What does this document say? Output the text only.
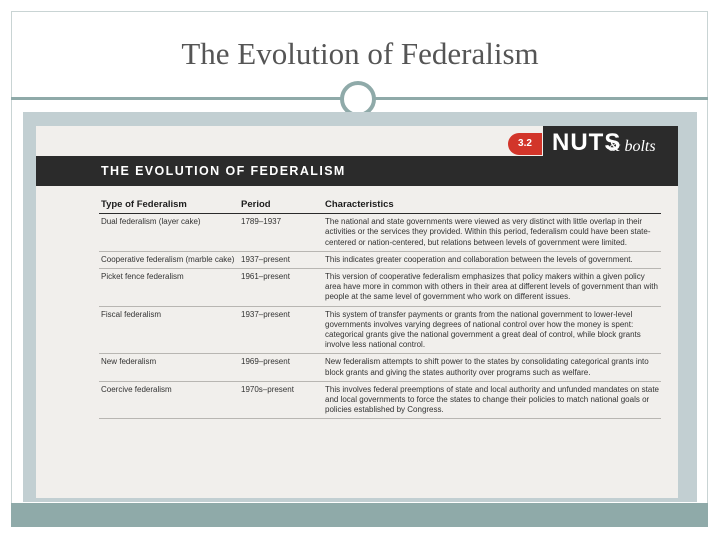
The Evolution of Federalism
3.2 NUTS
& bolts
THE EVOLUTION OF FEDERALISM
Type of Federalism	Period	Characteristics
Dual federalism (layer cake)	1789–1937	The national and state governments were viewed as very distinct with little overlap in their activities or the services they provided. Within this period, federalism could have been state-centered or nation-centered, but relations between levels of government were limited.
Cooperative federalism (marble cake)	1937–present	This indicates greater cooperation and collaboration between the levels of government.
Picket fence federalism	1961–present	This version of cooperative federalism emphasizes that policy makers within a given policy area have more in common with others in their area at different levels of government than with people at the same level of government who work on different issues.
Fiscal federalism	1937–present	This system of transfer payments or grants from the national government to lower-level governments involves varying degrees of national control over how the money is spent: categorical grants give the national government a great deal of control, while block grants involve less national control.
New federalism	1969–present	New federalism attempts to shift power to the states by consolidating categorical grants into block grants and giving the states authority over programs such as welfare.
Coercive federalism	1970s–present	This involves federal preemptions of state and local authority and unfunded mandates on state and local governments to force the states to change their policies to match national goals or policies established by Congress.
